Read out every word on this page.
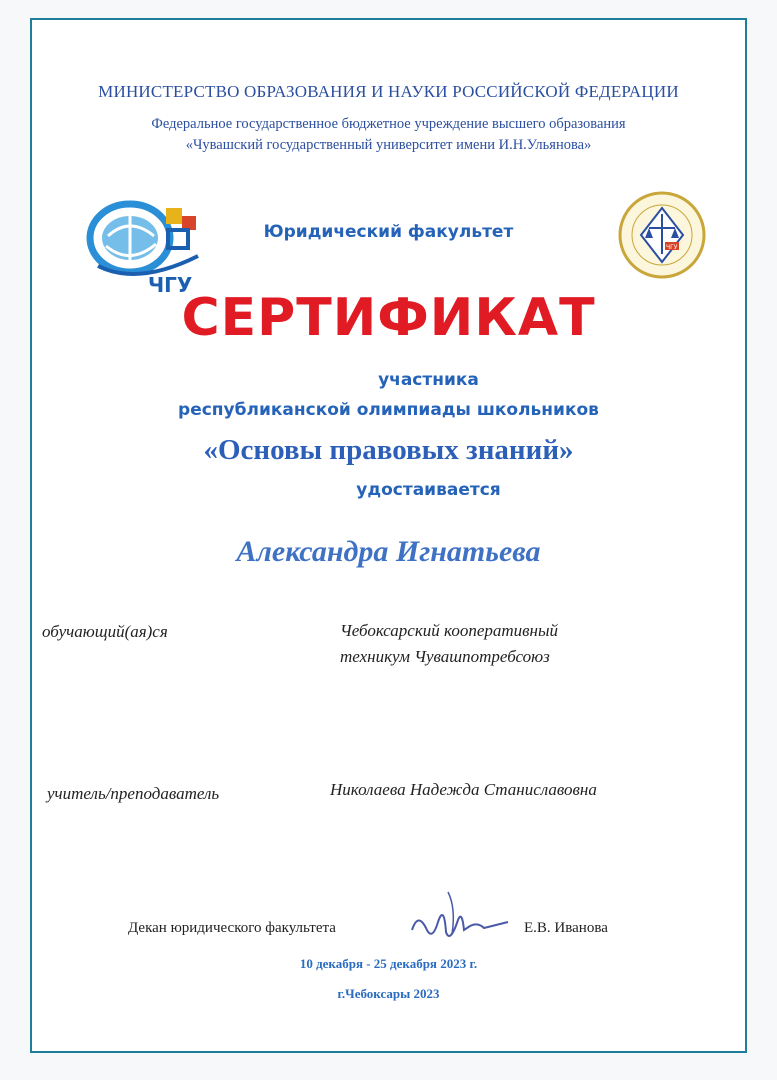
ЧГУ
ЧГУ
МИНИСТЕРСТВО ОБРАЗОВАНИЯ И НАУКИ РОССИЙСКОЙ ФЕДЕРАЦИИ
Федеральное государственное бюджетное учреждение высшего образования
«Чувашский государственный университет имени И.Н.Ульянова»
Юридический факультет
СЕРТИФИКАТ
участника
республиканской олимпиады школьников
«Основы правовых знаний»
удостаивается
Александра Игнатьева
обучающий(ая)ся	Чебоксарский кооперативный
техникум Чувашпотребсоюз
учитель/преподаватель	Николаева Надежда Станиславовна
Декан юридического факультета	Е.В. Иванова
10 декабря - 25 декабря 2023 г.
г.Чебоксары 2023
